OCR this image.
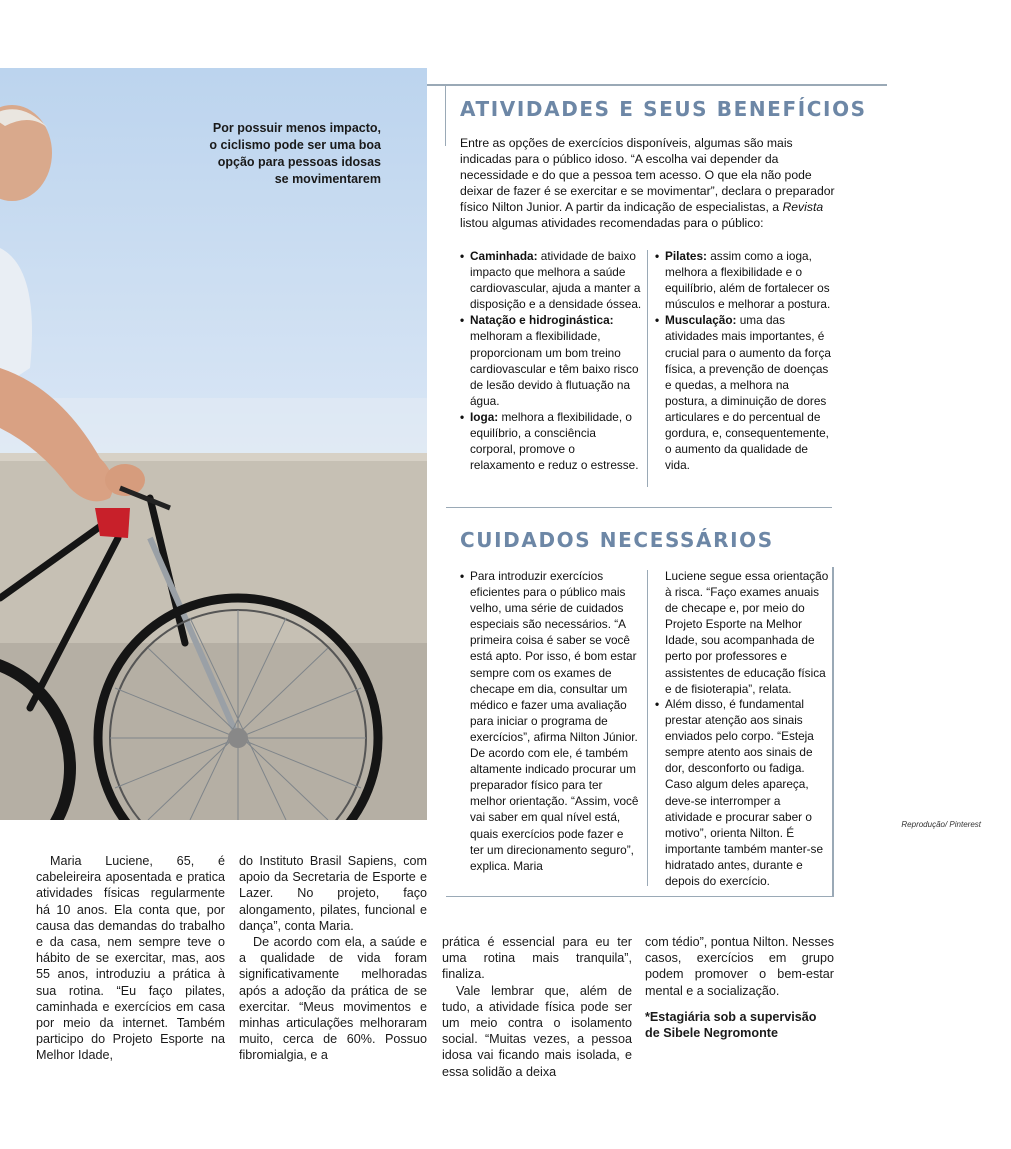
Por possuir menos impacto, o ciclismo pode ser uma boa opção para pessoas idosas se movimentarem
Reprodução/ Pinterest
ATIVIDADES E SEUS BENEFÍCIOS
Entre as opções de exercícios disponíveis, algumas são mais indicadas para o público idoso. “A escolha vai depender da necessidade e do que a pessoa tem acesso. O que ela não pode deixar de fazer é se exercitar e se movimentar”, declara o preparador físico Nilton Junior. A partir da indicação de especialistas, a Revista listou algumas atividades recomendadas para o público:
• Caminhada: atividade de baixo impacto que melhora a saúde cardiovascular, ajuda a manter a disposição e a densidade óssea.
• Natação e hidroginástica: melhoram a flexibilidade, proporcionam um bom treino cardiovascular e têm baixo risco de lesão devido à flutuação na água.
• Ioga: melhora a flexibilidade, o equilíbrio, a consciência corporal, promove o relaxamento e reduz o estresse.
• Pilates: assim como a ioga, melhora a flexibilidade e o equilíbrio, além de fortalecer os músculos e melhorar a postura.
• Musculação: uma das atividades mais importantes, é crucial para o aumento da força física, a prevenção de doenças e quedas, a melhora na postura, a diminuição de dores articulares e do percentual de gordura, e, consequentemente, o aumento da qualidade de vida.
CUIDADOS NECESSÁRIOS
• Para introduzir exercícios eficientes para o público mais velho, uma série de cuidados especiais são necessários. “A primeira coisa é saber se você está apto. Por isso, é bom estar sempre com os exames de checape em dia, consultar um médico e fazer uma avaliação para iniciar o programa de exercícios”, afirma Nilton Júnior. De acordo com ele, é também altamente indicado procurar um preparador físico para ter melhor orientação. “Assim, você vai saber em qual nível está, quais exercícios pode fazer e ter um direcionamento seguro”, explica. Maria
Luciene segue essa orientação à risca. “Faço exames anuais de checape e, por meio do Projeto Esporte na Melhor Idade, sou acompanhada de perto por professores e assistentes de educação física e de fisioterapia”, relata.
• Além disso, é fundamental prestar atenção aos sinais enviados pelo corpo. “Esteja sempre atento aos sinais de dor, desconforto ou fadiga. Caso algum deles apareça, deve-se interromper a atividade e procurar saber o motivo”, orienta Nilton. É importante também manter-se hidratado antes, durante e depois do exercício.

Maria Luciene, 65, é cabeleireira aposentada e pratica atividades físicas regularmente há 10 anos. Ela conta que, por causa das demandas do trabalho e da casa, nem sempre teve o hábito de se exercitar, mas, aos 55 anos, introduziu a prática à sua rotina. “Eu faço pilates, caminhada e exercícios em casa por meio da internet. Também participo do Projeto Esporte na Melhor Idade,

do Instituto Brasil Sapiens, com apoio da Secretaria de Esporte e Lazer. No projeto, faço alongamento, pilates, funcional e dança”, conta Maria.

De acordo com ela, a saúde e a qualidade de vida foram significativamente melhoradas após a adoção da prática de se exercitar. “Meus movimentos e minhas articulações melhoraram muito, cerca de 60%. Possuo fibromialgia, e a

prática é essencial para eu ter uma rotina mais tranquila”, finaliza.

Vale lembrar que, além de tudo, a atividade física pode ser um meio contra o isolamento social. “Muitas vezes, a pessoa idosa vai ficando mais isolada, e essa solidão a deixa

com tédio”, pontua Nilton. Nesses casos, exercícios em grupo podem promover o bem-estar mental e a socialização.

*Estagiária sob a supervisão de Sibele Negromonte
